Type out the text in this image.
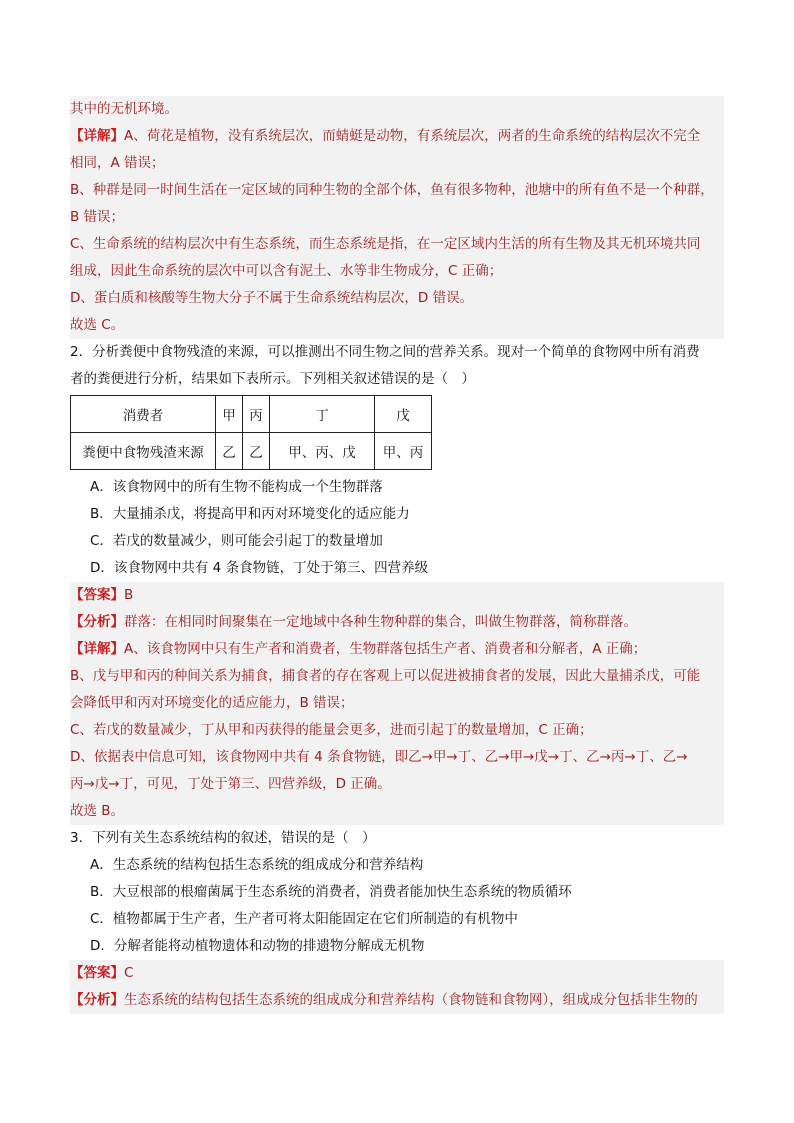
其中的无机环境。
【详解】A、荷花是植物，没有系统层次，而蜻蜓是动物，有系统层次，两者的生命系统的结构层次不完全
相同，A 错误；
B、种群是同一时间生活在一定区域的同种生物的全部个体，鱼有很多物种，池塘中的所有鱼不是一个种群，
B 错误；
C、生命系统的结构层次中有生态系统，而生态系统是指，在一定区域内生活的所有生物及其无机环境共同
组成，因此生命系统的层次中可以含有泥土、水等非生物成分，C 正确；
D、蛋白质和核酸等生物大分子不属于生命系统结构层次，D 错误。
故选 C。
2．分析粪便中食物残渣的来源，可以推测出不同生物之间的营养关系。现对一个简单的食物网中所有消费
者的粪便进行分析，结果如下表所示。下列相关叙述错误的是（　）
消费者	甲	丙	丁	戊
粪便中食物残渣来源	乙	乙	甲、丙、戊	甲、丙
A．该食物网中的所有生物不能构成一个生物群落
B．大量捕杀戊，将提高甲和丙对环境变化的适应能力
C．若戊的数量减少，则可能会引起丁的数量增加
D．该食物网中共有 4 条食物链，丁处于第三、四营养级
【答案】B
【分析】群落：在相同时间聚集在一定地域中各种生物种群的集合，叫做生物群落，简称群落。
【详解】A、该食物网中只有生产者和消费者，生物群落包括生产者、消费者和分解者，A 正确；
B、戊与甲和丙的种间关系为捕食，捕食者的存在客观上可以促进被捕食者的发展，因此大量捕杀戊，可能
会降低甲和丙对环境变化的适应能力，B 错误；
C、若戊的数量减少，丁从甲和丙获得的能量会更多，进而引起丁的数量增加，C 正确；
D、依据表中信息可知，该食物网中共有 4 条食物链，即乙→甲→丁、乙→甲→戊→丁、乙→丙→丁、乙→
丙→戊→丁，可见，丁处于第三、四营养级，D 正确。
故选 B。
3．下列有关生态系统结构的叙述，错误的是（　）
A．生态系统的结构包括生态系统的组成成分和营养结构
B．大豆根部的根瘤菌属于生态系统的消费者，消费者能加快生态系统的物质循环
C．植物都属于生产者，生产者可将太阳能固定在它们所制造的有机物中
D．分解者能将动植物遗体和动物的排遗物分解成无机物
【答案】C
【分析】生态系统的结构包括生态系统的组成成分和营养结构（食物链和食物网），组成成分包括非生物的
